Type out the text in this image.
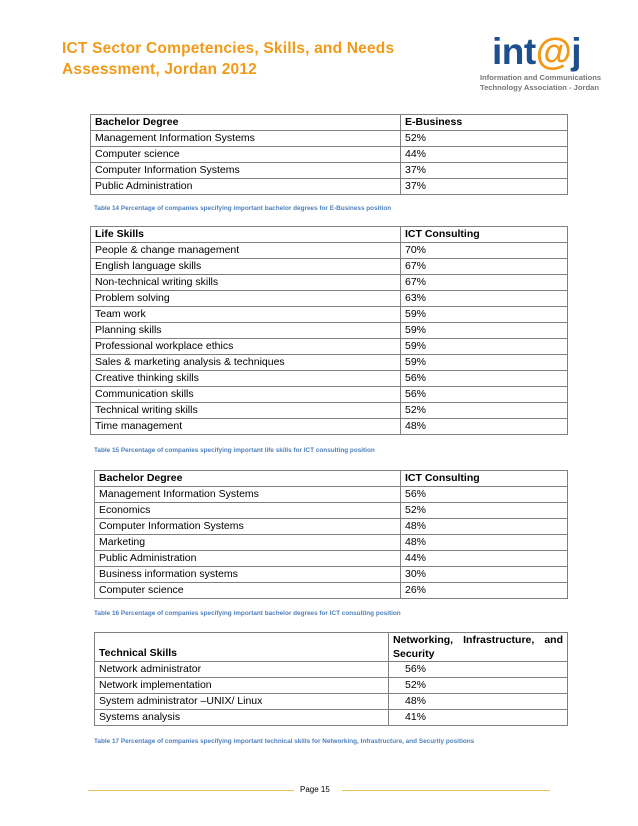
ICT Sector Competencies, Skills, and Needs Assessment, Jordan 2012	int@j
Information and Communications
Technology Association - Jordan
Bachelor Degree	E-Business
Management Information Systems	52%
Computer science	44%
Computer Information Systems	37%
Public Administration	37%
Table 14 Percentage of companies specifying important bachelor degrees for E-Business position
Life Skills	ICT Consulting
People & change management	70%
English language skills	67%
Non-technical writing skills	67%
Problem solving	63%
Team work	59%
Planning skills	59%
Professional workplace ethics	59%
Sales & marketing analysis & techniques	59%
Creative thinking skills	56%
Communication skills	56%
Technical writing skills	52%
Time management	48%
Table 15 Percentage of companies specifying important life skills for ICT consulting position
Bachelor Degree	ICT Consulting
Management Information Systems	56%
Economics	52%
Computer Information Systems	48%
Marketing	48%
Public Administration	44%
Business information systems	30%
Computer science	26%
Table 16 Percentage of companies specifying important bachelor degrees for ICT consulting position
Technical Skills	Networking, Infrastructure, and Security
Network administrator	56%
Network implementation	52%
System administrator –UNIX/ Linux	48%
Systems analysis	41%
Table 17 Percentage of companies specifying important technical skills for Networking, Infrastructure, and Security positions
Page 15
